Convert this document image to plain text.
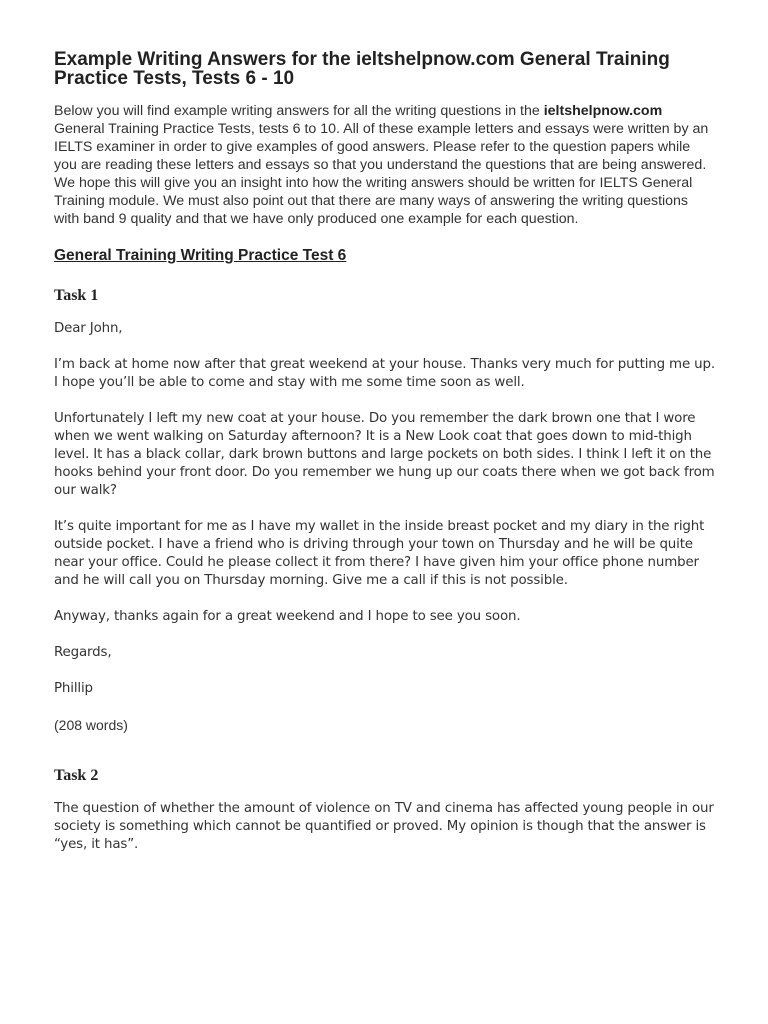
Example Writing Answers for the ieltshelpnow.com General Training Practice Tests, Tests 6 - 10

Below you will find example writing answers for all the writing questions in the ieltshelpnow.com General Training Practice Tests, tests 6 to 10. All of these example letters and essays were written by an IELTS examiner in order to give examples of good answers. Please refer to the question papers while you are reading these letters and essays so that you understand the questions that are being answered. We hope this will give you an insight into how the writing answers should be written for IELTS General Training module. We must also point out that there are many ways of answering the writing questions with band 9 quality and that we have only produced one example for each question.

General Training Writing Practice Test 6
Task 1

Dear John,

I’m back at home now after that great weekend at your house. Thanks very much for putting me up. I hope you’ll be able to come and stay with me some time soon as well.

Unfortunately I left my new coat at your house. Do you remember the dark brown one that I wore when we went walking on Saturday afternoon? It is a New Look coat that goes down to mid-thigh level. It has a black collar, dark brown buttons and large pockets on both sides. I think I left it on the hooks behind your front door. Do you remember we hung up our coats there when we got back from our walk?

It’s quite important for me as I have my wallet in the inside breast pocket and my diary in the right outside pocket. I have a friend who is driving through your town on Thursday and he will be quite near your office. Could he please collect it from there? I have given him your office phone number and he will call you on Thursday morning. Give me a call if this is not possible.

Anyway, thanks again for a great weekend and I hope to see you soon.

Regards,

Phillip

(208 words)

Task 2

The question of whether the amount of violence on TV and cinema has affected young people in our society is something which cannot be quantified or proved. My opinion is though that the answer is “yes, it has”.
